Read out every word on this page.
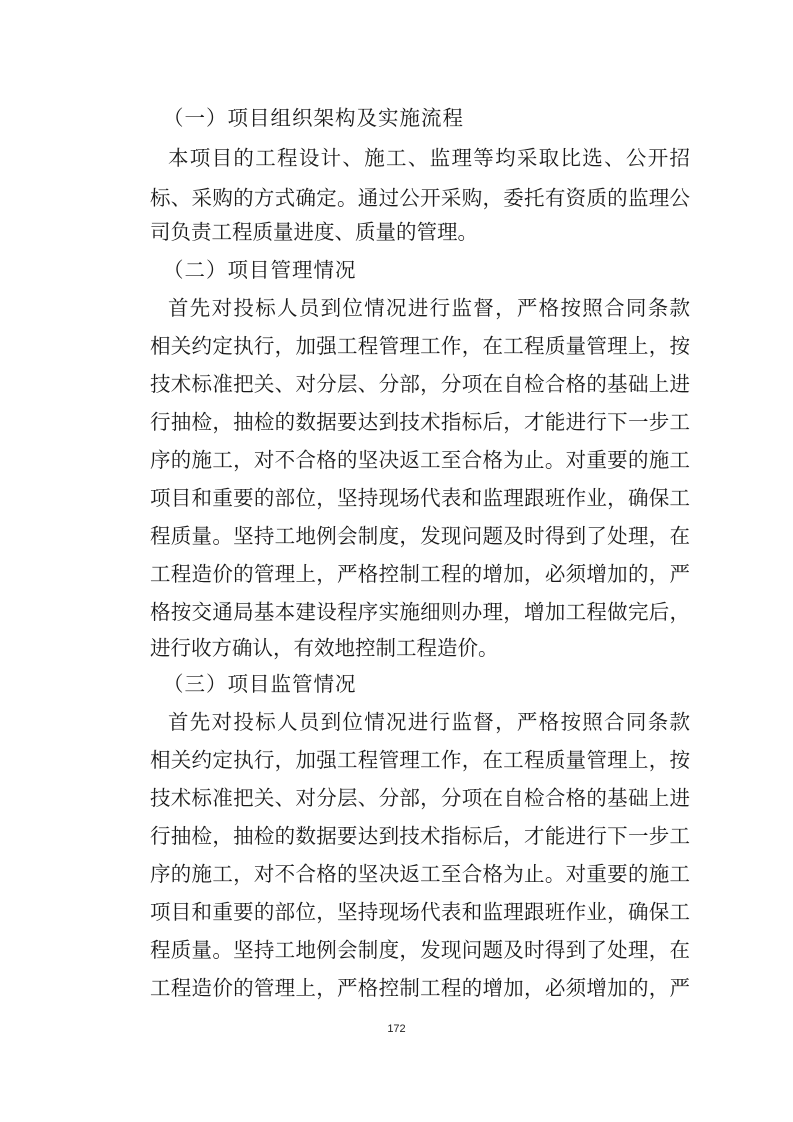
（一）项目组织架构及实施流程
本项目的工程设计、施工、监理等均采取比选、公开招
标、采购的方式确定。通过公开采购，委托有资质的监理公
司负责工程质量进度、质量的管理。
（二）项目管理情况
首先对投标人员到位情况进行监督，严格按照合同条款
相关约定执行，加强工程管理工作，在工程质量管理上，按
技术标准把关、对分层、分部，分项在自检合格的基础上进
行抽检，抽检的数据要达到技术指标后，才能进行下一步工
序的施工，对不合格的坚决返工至合格为止。对重要的施工
项目和重要的部位，坚持现场代表和监理跟班作业，确保工
程质量。坚持工地例会制度，发现问题及时得到了处理，在
工程造价的管理上，严格控制工程的增加，必须增加的，严
格按交通局基本建设程序实施细则办理，增加工程做完后，
进行收方确认，有效地控制工程造价。
（三）项目监管情况
首先对投标人员到位情况进行监督，严格按照合同条款
相关约定执行，加强工程管理工作，在工程质量管理上，按
技术标准把关、对分层、分部，分项在自检合格的基础上进
行抽检，抽检的数据要达到技术指标后，才能进行下一步工
序的施工，对不合格的坚决返工至合格为止。对重要的施工
项目和重要的部位，坚持现场代表和监理跟班作业，确保工
程质量。坚持工地例会制度，发现问题及时得到了处理，在
工程造价的管理上，严格控制工程的增加，必须增加的，严
172
